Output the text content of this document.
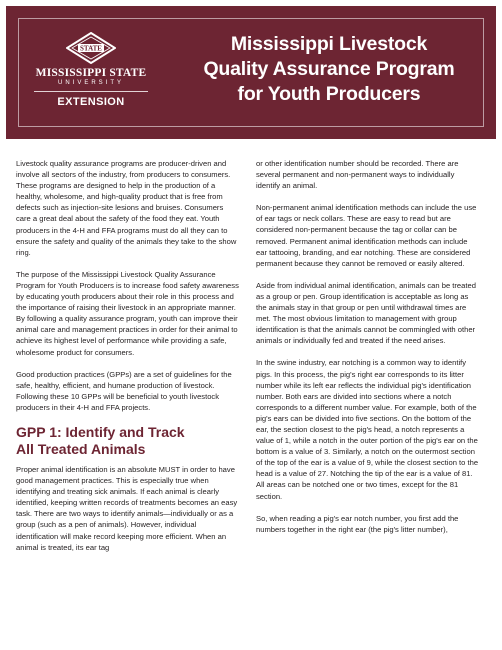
STATE
MISSISSIPPI STATE
UNIVERSITY
EXTENSION
Mississippi Livestock
Quality Assurance Program
for Youth Producers

Livestock quality assurance programs are producer-driven and involve all sectors of the industry, from producers to consumers. These programs are designed to help in the production of a healthy, wholesome, and high-quality product that is free from defects such as injection-site lesions and bruises. Consumers care a great deal about the safety of the food they eat. Youth producers in the 4-H and FFA programs must do all they can to ensure the safety and quality of the animals they take to the show ring.

The purpose of the Mississippi Livestock Quality Assurance Program for Youth Producers is to increase food safety awareness by educating youth producers about their role in this process and the importance of raising their livestock in an appropriate manner. By following a quality assurance program, youth can improve their animal care and management practices in order for their animal to achieve its highest level of performance while providing a safe, wholesome product for consumers.

Good production practices (GPPs) are a set of guidelines for the safe, healthy, efficient, and humane production of livestock. Following these 10 GPPs will be beneficial to youth livestock producers in their 4-H and FFA projects.

GPP 1: Identify and Track
All Treated Animals

Proper animal identification is an absolute MUST in order to have good management practices. This is especially true when identifying and treating sick animals. If each animal is clearly identified, keeping written records of treatments becomes an easy task. There are two ways to identify animals—individually or as a group (such as a pen of animals). However, individual identification will make record keeping more efficient. When an animal is treated, its ear tag

or other identification number should be recorded. There are several permanent and non-permanent ways to individually identify an animal.

Non-permanent animal identification methods can include the use of ear tags or neck collars. These are easy to read but are considered non-permanent because the tag or collar can be removed. Permanent animal identification methods can include ear tattooing, branding, and ear notching. These are considered permanent because they cannot be removed or easily altered.

Aside from individual animal identification, animals can be treated as a group or pen. Group identification is acceptable as long as the animals stay in that group or pen until withdrawal times are met. The most obvious limitation to management with group identification is that the animals cannot be commingled with other animals or individually fed and treated if the need arises.

In the swine industry, ear notching is a common way to identify pigs. In this process, the pig's right ear corresponds to its litter number while its left ear reflects the individual pig's identification number. Both ears are divided into sections where a notch corresponds to a different number value. For example, both of the pig's ears can be divided into five sections. On the bottom of the ear, the section closest to the pig's head, a notch represents a value of 1, while a notch in the outer portion of the pig's ear on the bottom is a value of 3. Similarly, a notch on the outermost section of the top of the ear is a value of 9, while the closest section to the head is a value of 27. Notching the tip of the ear is a value of 81. All areas can be notched one or two times, except for the 81 section.

So, when reading a pig's ear notch number, you first add the numbers together in the right ear (the pig's litter number),
